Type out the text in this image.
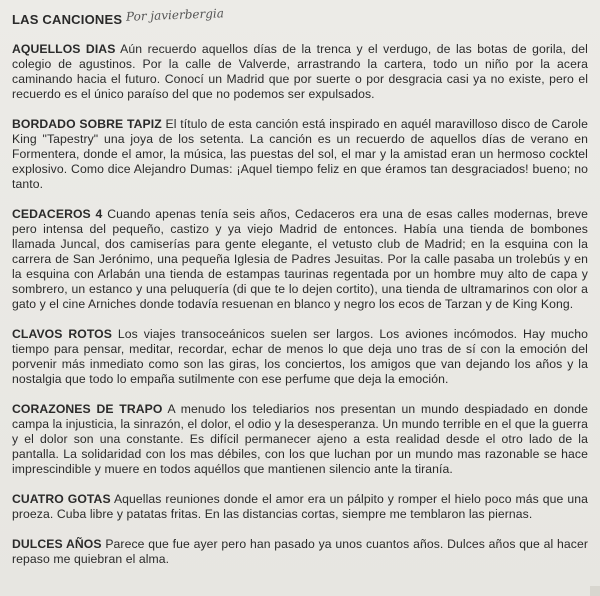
LAS CANCIONES Por javierbergia
AQUELLOS DIAS Aún recuerdo aquellos días de la trenca y el verdugo, de las botas de gorila, del colegio de agustinos. Por la calle de Valverde, arrastrando la cartera, todo un niño por la acera caminando hacia el futuro. Conocí un Madrid que por suerte o por desgracia casi ya no existe, pero el recuerdo es el único paraíso del que no podemos ser expulsados.
BORDADO SOBRE TAPIZ El título de esta canción está inspirado en aquél maravilloso disco de Carole King "Tapestry" una joya de los setenta. La canción es un recuerdo de aquellos días de verano en Formentera, donde el amor, la música, las puestas del sol, el mar y la amistad eran un hermoso cocktel explosivo. Como dice Alejandro Dumas: ¡Aquel tiempo feliz en que éramos tan desgraciados! bueno; no tanto.
CEDACEROS 4 Cuando apenas tenía seis años, Cedaceros era una de esas calles modernas, breve pero intensa del pequeño, castizo y ya viejo Madrid de entonces. Había una tienda de bombones llamada Juncal, dos camiserías para gente elegante, el vetusto club de Madrid; en la esquina con la carrera de San Jerónimo, una pequeña Iglesia de Padres Jesuitas. Por la calle pasaba un trolebús y en la esquina con Arlabán una tienda de estampas taurinas regentada por un hombre muy alto de capa y sombrero, un estanco y una peluquería (di que te lo dejen cortito), una tienda de ultramarinos con olor a gato y el cine Arniches donde todavía resuenan en blanco y negro los ecos de Tarzan y de King Kong.
CLAVOS ROTOS Los viajes transoceánicos suelen ser largos. Los aviones incómodos. Hay mucho tiempo para pensar, meditar, recordar, echar de menos lo que deja uno tras de sí con la emoción del porvenir más inmediato como son las giras, los conciertos, los amigos que van dejando los años y la nostalgia que todo lo empaña sutilmente con ese perfume que deja la emoción.
CORAZONES DE TRAPO A menudo los telediarios nos presentan un mundo despiadado en donde campa la injusticia, la sinrazón, el dolor, el odio y la desesperanza. Un mundo terrible en el que la guerra y el dolor son una constante. Es difícil permanecer ajeno a esta realidad desde el otro lado de la pantalla. La solidaridad con los mas débiles, con los que luchan por un mundo mas razonable se hace imprescindible y muere en todos aquéllos que mantienen silencio ante la tiranía.
CUATRO GOTAS Aquellas reuniones donde el amor era un pálpito y romper el hielo poco más que una proeza. Cuba libre y patatas fritas. En las distancias cortas, siempre me temblaron las piernas.
DULCES AÑOS Parece que fue ayer pero han pasado ya unos cuantos años. Dulces años que al hacer repaso me quiebran el alma.
